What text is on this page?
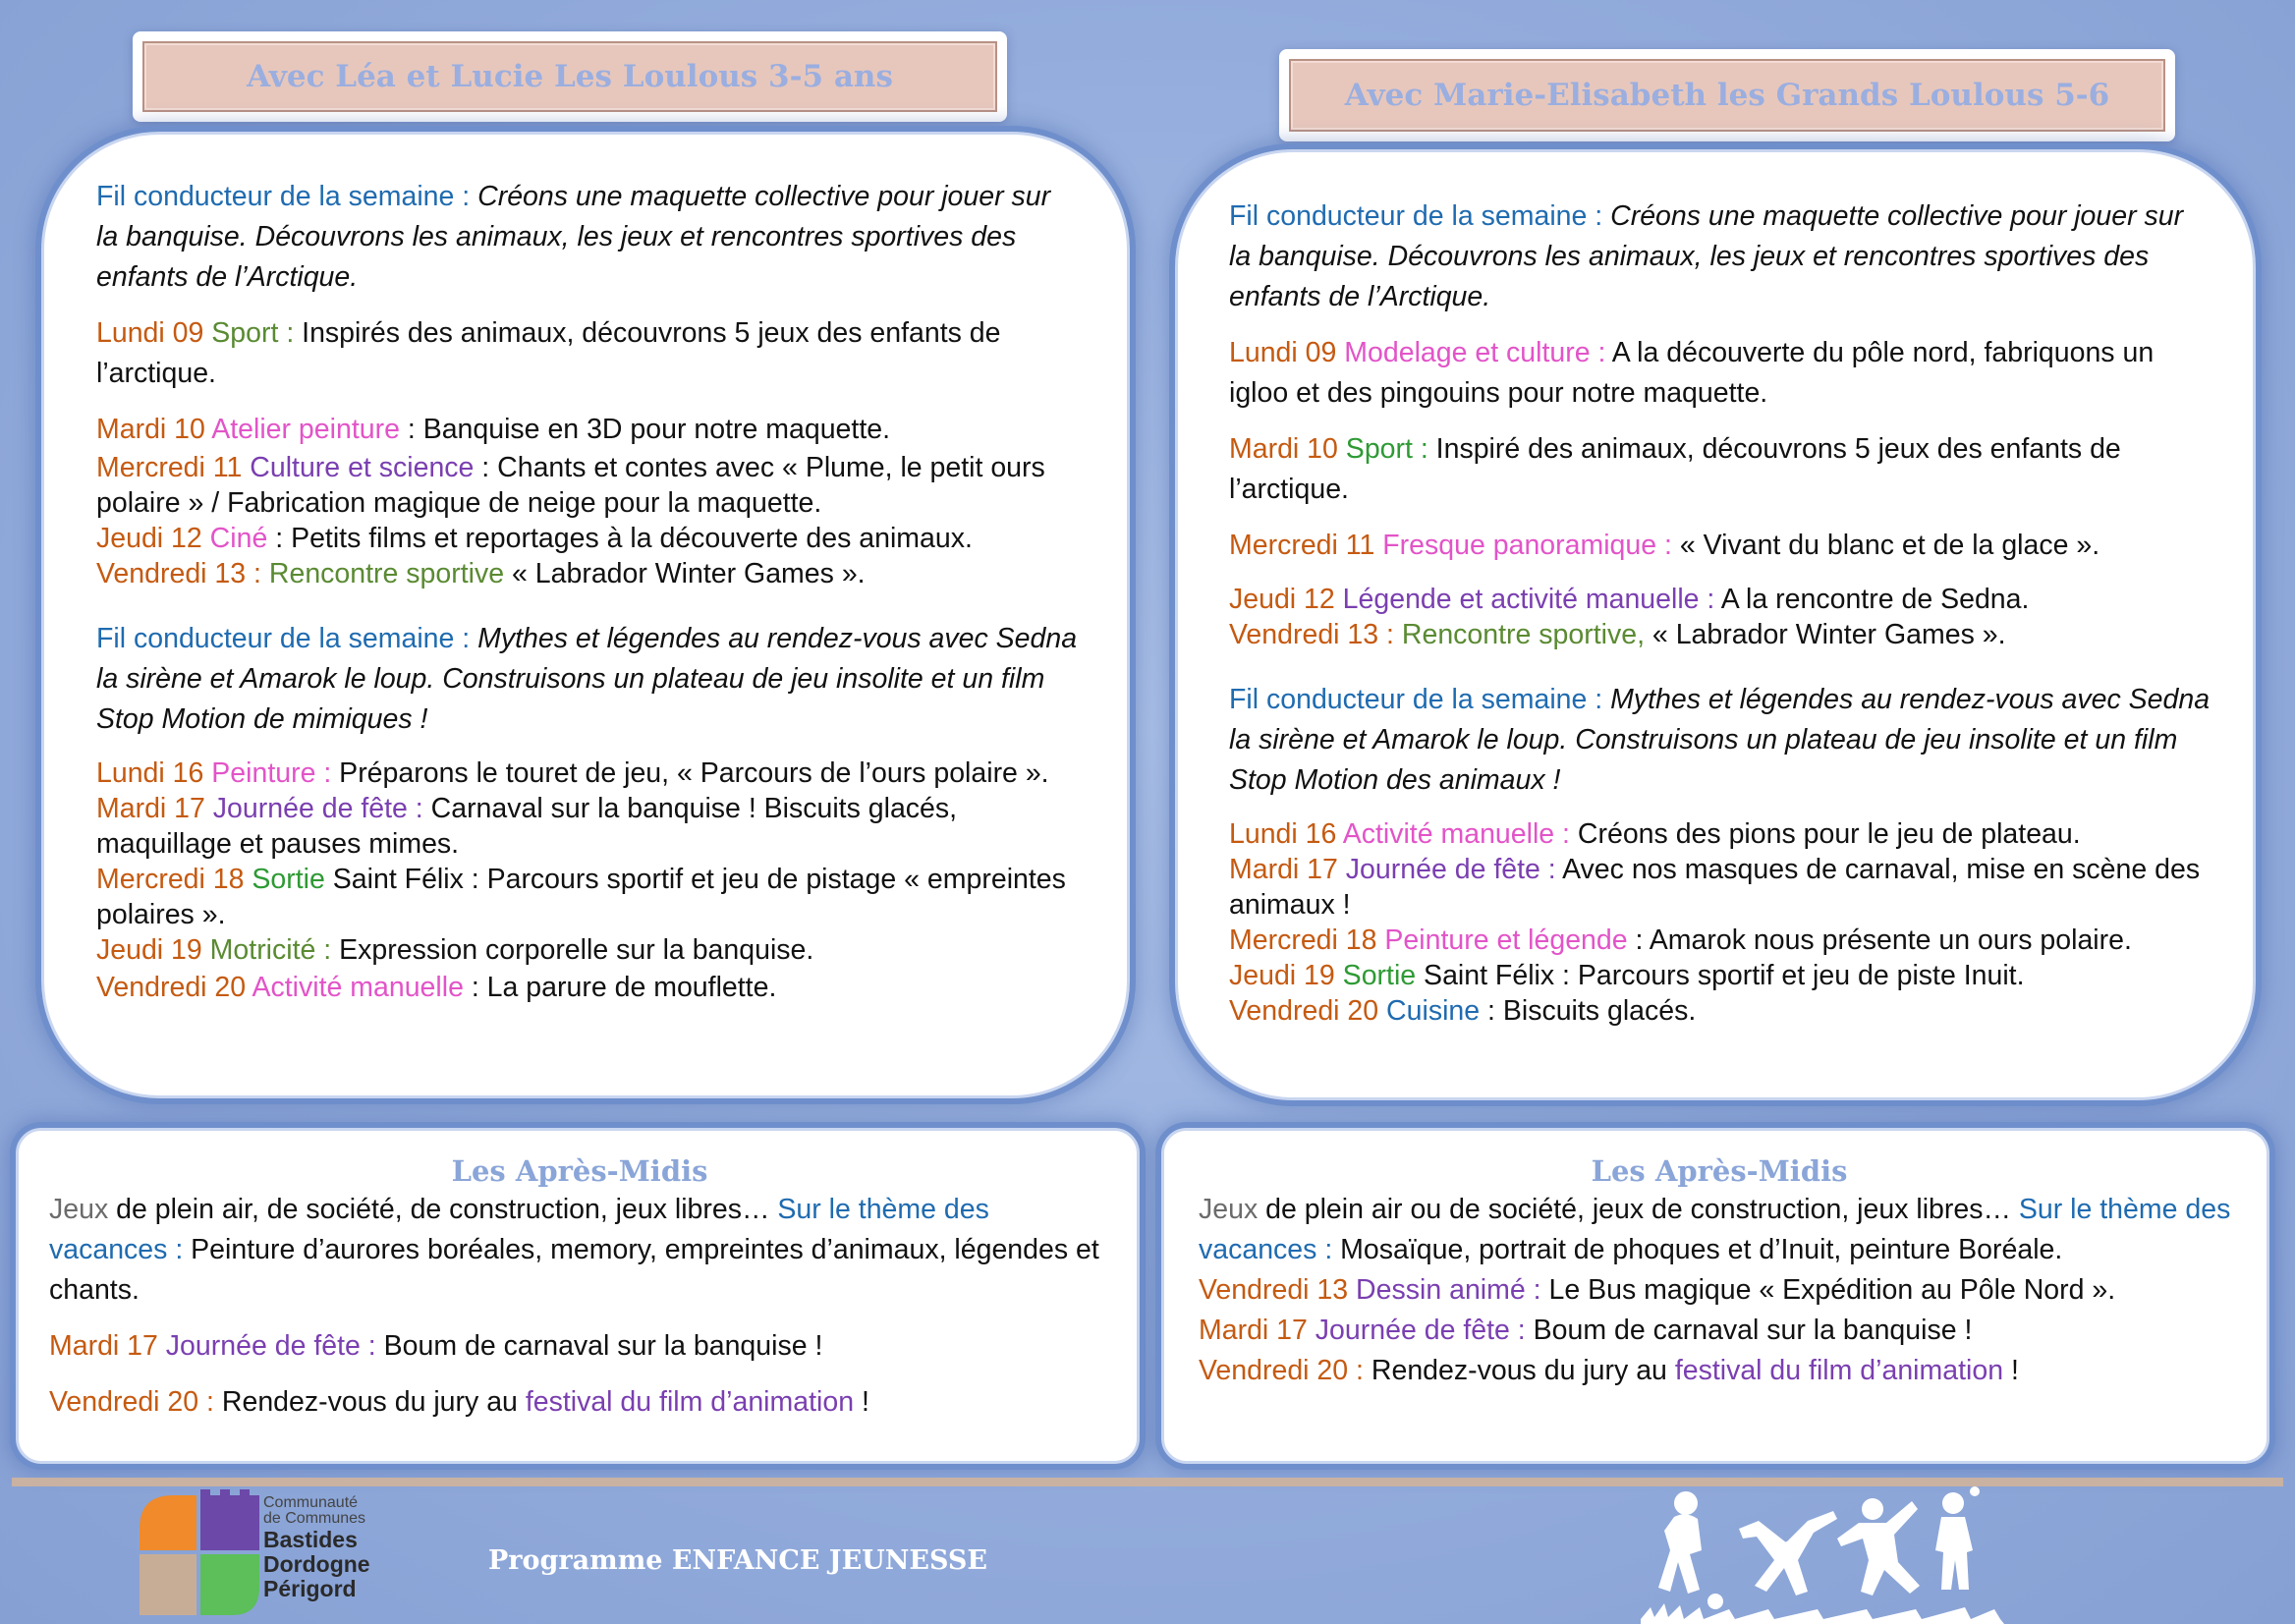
Avec Léa et Lucie Les Loulous 3-5 ans

Fil conducteur de la semaine : Créons une maquette collective pour jouer sur la banquise. Découvrons les animaux, les jeux et rencontres sportives des enfants de l’Arctique.

Lundi 09 Sport : Inspirés des animaux, découvrons 5 jeux des enfants de l’arctique.

Mardi 10 Atelier peinture : Banquise en 3D pour notre maquette.

Mercredi 11 Culture et science : Chants et contes avec « Plume, le petit ours polaire » / Fabrication magique de neige pour la maquette.

Jeudi 12 Ciné : Petits films et reportages à la découverte des animaux.

Vendredi 13 : Rencontre sportive « Labrador Winter Games ».

Fil conducteur de la semaine : Mythes et légendes au rendez-vous avec Sedna la sirène et Amarok le loup. Construisons un plateau de jeu insolite et un film Stop Motion de mimiques !

Lundi 16 Peinture : Préparons le touret de jeu, « Parcours de l’ours polaire ».

Mardi 17 Journée de fête : Carnaval sur la banquise ! Biscuits glacés, maquillage et pauses mimes.

Mercredi 18 Sortie Saint Félix : Parcours sportif et jeu de pistage « empreintes polaires ».

Jeudi 19 Motricité : Expression corporelle sur la banquise.

Vendredi 20 Activité manuelle : La parure de mouflette.

Les Après-Midis

Jeux de plein air, de société, de construction, jeux libres… Sur le thème des vacances : Peinture d’aurores boréales, memory, empreintes d’animaux, légendes et chants.

Mardi 17 Journée de fête : Boum de carnaval sur la banquise !

Vendredi 20 : Rendez-vous du jury au festival du film d’animation !

Avec Marie-Elisabeth les Grands Loulous 5-6

Fil conducteur de la semaine : Créons une maquette collective pour jouer sur la banquise. Découvrons les animaux, les jeux et rencontres sportives des enfants de l’Arctique.

Lundi 09 Modelage et culture : A la découverte du pôle nord, fabriquons un igloo et des pingouins pour notre maquette.

Mardi 10 Sport : Inspiré des animaux, découvrons 5 jeux des enfants de l’arctique.

Mercredi 11 Fresque panoramique : « Vivant du blanc et de la glace ».

Jeudi 12 Légende et activité manuelle : A la rencontre de Sedna.

Vendredi 13 : Rencontre sportive, « Labrador Winter Games ».

Fil conducteur de la semaine : Mythes et légendes au rendez-vous avec Sedna la sirène et Amarok le loup. Construisons un plateau de jeu insolite et un film Stop Motion des animaux !

Lundi 16 Activité manuelle : Créons des pions pour le jeu de plateau.

Mardi 17 Journée de fête : Avec nos masques de carnaval, mise en scène des animaux !

Mercredi 18 Peinture et légende : Amarok nous présente un ours polaire.

Jeudi 19 Sortie Saint Félix : Parcours sportif et jeu de piste Inuit.

Vendredi 20 Cuisine : Biscuits glacés.

Les Après-Midis

Jeux de plein air ou de société, jeux de construction, jeux libres… Sur le thème des vacances : Mosaïque, portrait de phoques et d’Inuit, peinture Boréale.

Vendredi 13 Dessin animé : Le Bus magique « Expédition au Pôle Nord ».

Mardi 17 Journée de fête : Boum de carnaval sur la banquise !

Vendredi 20 : Rendez-vous du jury au festival du film d’animation !

Communauté
de Communes
Bastides
Dordogne
Périgord
Programme ENFANCE JEUNESSE
